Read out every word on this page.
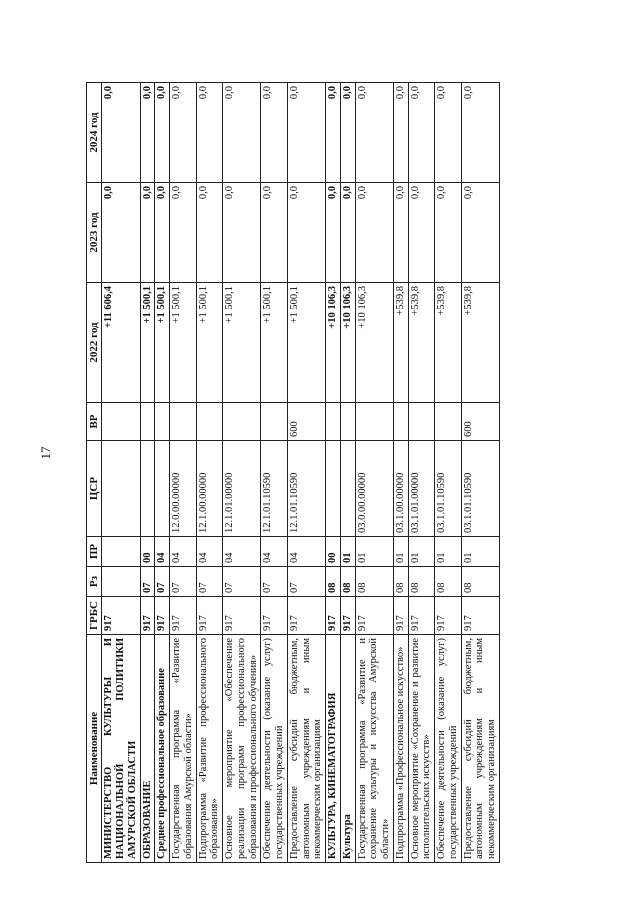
17
Наименование	ГРБС	Рз	ПР	ЦСР	ВР	2022 год	2023 год	2024 год
МИНИСТЕРСТВО КУЛЬТУРЫ И НАЦИОНАЛЬНОЙ ПОЛИТИКИ АМУРСКОЙ ОБЛАСТИ	917					+11 606,4	0,0	0,0
ОБРАЗОВАНИЕ	917	07	00			+1 500,1	0,0	0,0
Среднее профессиональное образование	917	07	04			+1 500,1	0,0	0,0
Государственная программа «Развитие образования Амурской области»	917	07	04	12.0.00.00000		+1 500,1	0,0	0,0
Подпрограмма «Развитие профессионального образования»	917	07	04	12.1.00.00000		+1 500,1	0,0	0,0
Основное мероприятие «Обеспечение реализации программ профессионального образования и профессионального обучения»	917	07	04	12.1.01.00000		+1 500,1	0,0	0,0
Обеспечение деятельности (оказание услуг) государственных учреждений	917	07	04	12.1.01.10590		+1 500,1	0,0	0,0
Предоставление субсидий бюджетным, автономным учреждениям и иным некоммерческим организациям	917	07	04	12.1.01.10590	600	+1 500,1	0,0	0,0
КУЛЬТУРА, КИНЕМАТОГРАФИЯ	917	08	00			+10 106,3	0,0	0,0
Культура	917	08	01			+10 106,3	0,0	0,0
Государственная программа «Развитие и сохранение культуры и искусства Амурской области»	917	08	01	03.0.00.00000		+10 106,3	0,0	0,0
Подпрограмма «Профессиональное искусство»	917	08	01	03.1.00.00000		+539,8	0,0	0,0
Основное мероприятие «Сохранение и развитие исполнительских искусств»	917	08	01	03.1.01.00000		+539,8	0,0	0,0
Обеспечение деятельности (оказание услуг) государственных учреждений	917	08	01	03.1.01.10590		+539,8	0,0	0,0
Предоставление субсидий бюджетным, автономным учреждениям и иным некоммерческим организациям	917	08	01	03.1.01.10590	600	+539,8	0,0	0,0
